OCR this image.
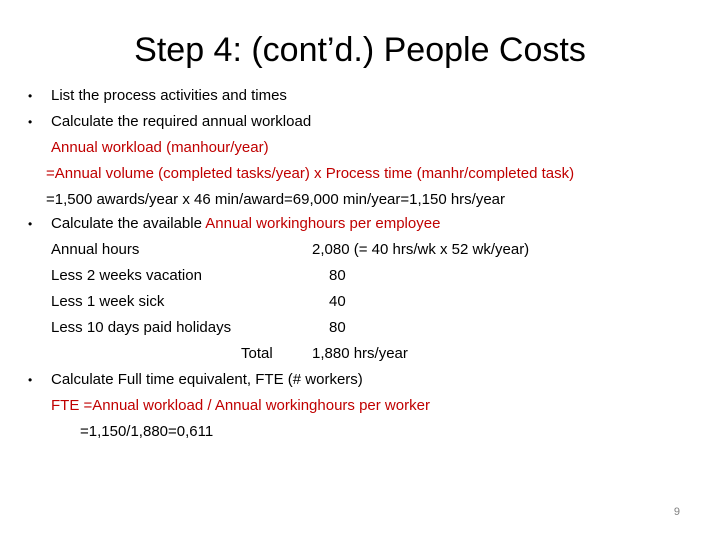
Step 4: (cont’d.) People Costs
•
•
•
•
List the process activities and times
Calculate the required annual workload
Annual workload (manhour/year)
=Annual volume (completed tasks/year) x Process time (manhr/completed task)
=1,500 awards/year x 46 min/award=69,000 min/year=1,150 hrs/year
Calculate the available Annual workinghours per employee
Annual hours	2,080 (= 40 hrs/wk x 52 wk/year)
Less 2 weeks vacation	80
Less 1 week sick	40
Less 10 days paid holidays	80
Total	1,880 hrs/year
Calculate Full time equivalent, FTE (# workers)
FTE =Annual workload / Annual workinghours per worker
=1,150/1,880=0,611
9
